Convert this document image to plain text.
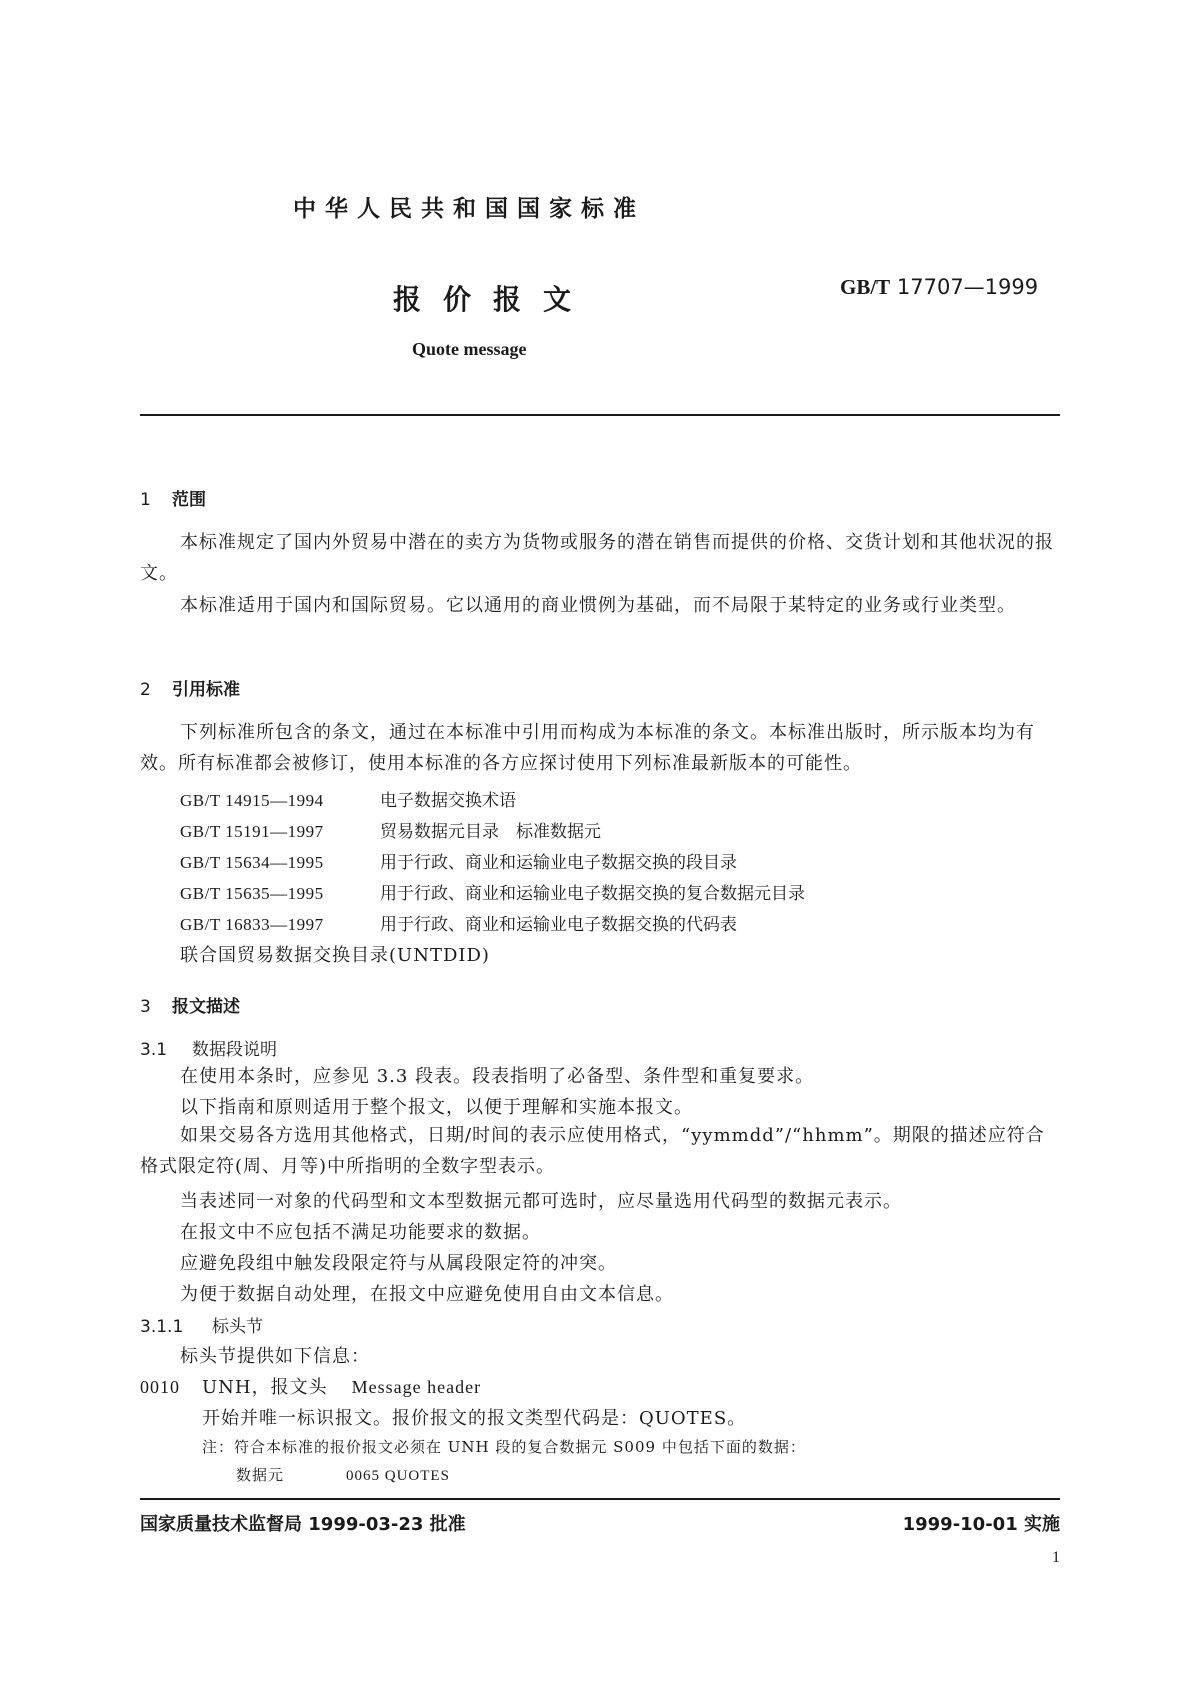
中华人民共和国国家标准
报价报文	GB/T 17707—1999
Quote message
1 范围
本标准规定了国内外贸易中潜在的卖方为货物或服务的潜在销售而提供的价格、交货计划和其他状况的报文。
本标准适用于国内和国际贸易。它以通用的商业惯例为基础，而不局限于某特定的业务或行业类型。
2 引用标准
下列标准所包含的条文，通过在本标准中引用而构成为本标准的条文。本标准出版时，所示版本均为有效。所有标准都会被修订，使用本标准的各方应探讨使用下列标准最新版本的可能性。
GB/T 14915—1994	电子数据交换术语
GB/T 15191—1997	贸易数据元目录　标准数据元
GB/T 15634—1995	用于行政、商业和运输业电子数据交换的段目录
GB/T 15635—1995	用于行政、商业和运输业电子数据交换的复合数据元目录
GB/T 16833—1997	用于行政、商业和运输业电子数据交换的代码表
联合国贸易数据交换目录(UNTDID)
3 报文描述
3.1 数据段说明
在使用本条时，应参见 3.3 段表。段表指明了必备型、条件型和重复要求。
以下指南和原则适用于整个报文，以便于理解和实施本报文。
如果交易各方选用其他格式，日期/时间的表示应使用格式，“yymmdd”/“hhmm”。期限的描述应符合格式限定符(周、月等)中所指明的全数字型表示。
当表述同一对象的代码型和文本型数据元都可选时，应尽量选用代码型的数据元表示。
在报文中不应包括不满足功能要求的数据。
应避免段组中触发段限定符与从属段限定符的冲突。
为便于数据自动处理，在报文中应避免使用自由文本信息。
3.1.1 标头节
标头节提供如下信息：
0010 UNH，报文头 Message header
开始并唯一标识报文。报价报文的报文类型代码是：QUOTES。
注：符合本标准的报价报文必须在 UNH 段的复合数据元 S009 中包括下面的数据：
数据元	0065 QUOTES
国家质量技术监督局 1999-03-23 批准	1999-10-01 实施
1
